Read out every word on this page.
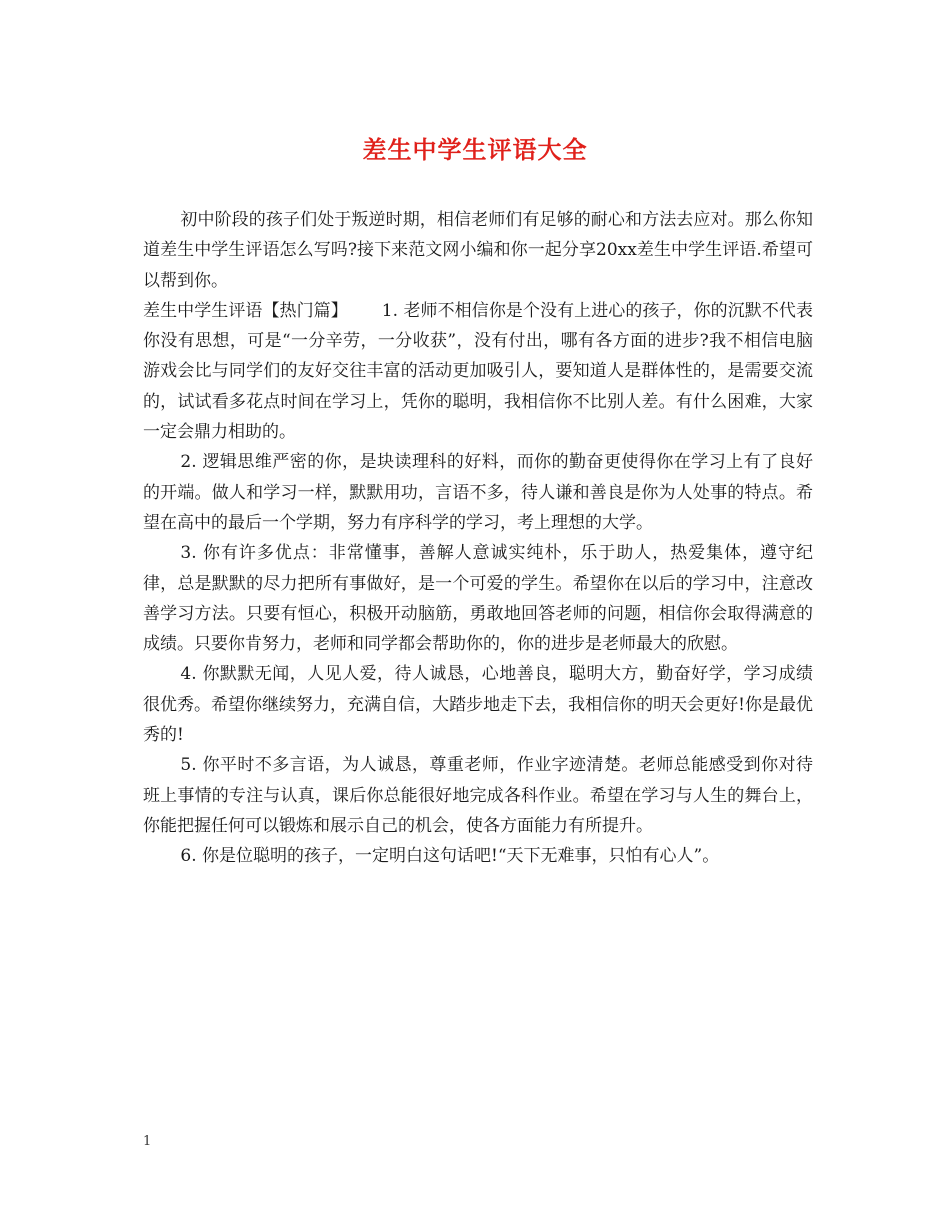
差生中学生评语大全

初中阶段的孩子们处于叛逆时期，相信老师们有足够的耐心和方法去应对。那么你知道差生中学生评语怎么写吗?接下来范文网小编和你一起分享20xx差生中学生评语.希望可以帮到你。

差生中学生评语【热门篇】 1. 老师不相信你是个没有上进心的孩子，你的沉默不代表你没有思想，可是“一分辛劳，一分收获”，没有付出，哪有各方面的进步?我不相信电脑游戏会比与同学们的友好交往丰富的活动更加吸引人，要知道人是群体性的，是需要交流的，试试看多花点时间在学习上，凭你的聪明，我相信你不比别人差。有什么困难，大家一定会鼎力相助的。

2. 逻辑思维严密的你，是块读理科的好料，而你的勤奋更使得你在学习上有了良好的开端。做人和学习一样，默默用功，言语不多，待人谦和善良是你为人处事的特点。希望在高中的最后一个学期，努力有序科学的学习，考上理想的大学。

3. 你有许多优点：非常懂事，善解人意诚实纯朴，乐于助人，热爱集体，遵守纪律，总是默默的尽力把所有事做好，是一个可爱的学生。希望你在以后的学习中，注意改善学习方法。只要有恒心，积极开动脑筋，勇敢地回答老师的问题，相信你会取得满意的成绩。只要你肯努力，老师和同学都会帮助你的，你的进步是老师最大的欣慰。

4. 你默默无闻，人见人爱，待人诚恳，心地善良，聪明大方，勤奋好学，学习成绩很优秀。希望你继续努力，充满自信，大踏步地走下去，我相信你的明天会更好!你是最优秀的!

5. 你平时不多言语，为人诚恳，尊重老师，作业字迹清楚。老师总能感受到你对待班上事情的专注与认真，课后你总能很好地完成各科作业。希望在学习与人生的舞台上，你能把握任何可以锻炼和展示自己的机会，使各方面能力有所提升。

6. 你是位聪明的孩子，一定明白这句话吧!“天下无难事，只怕有心人”。

1
